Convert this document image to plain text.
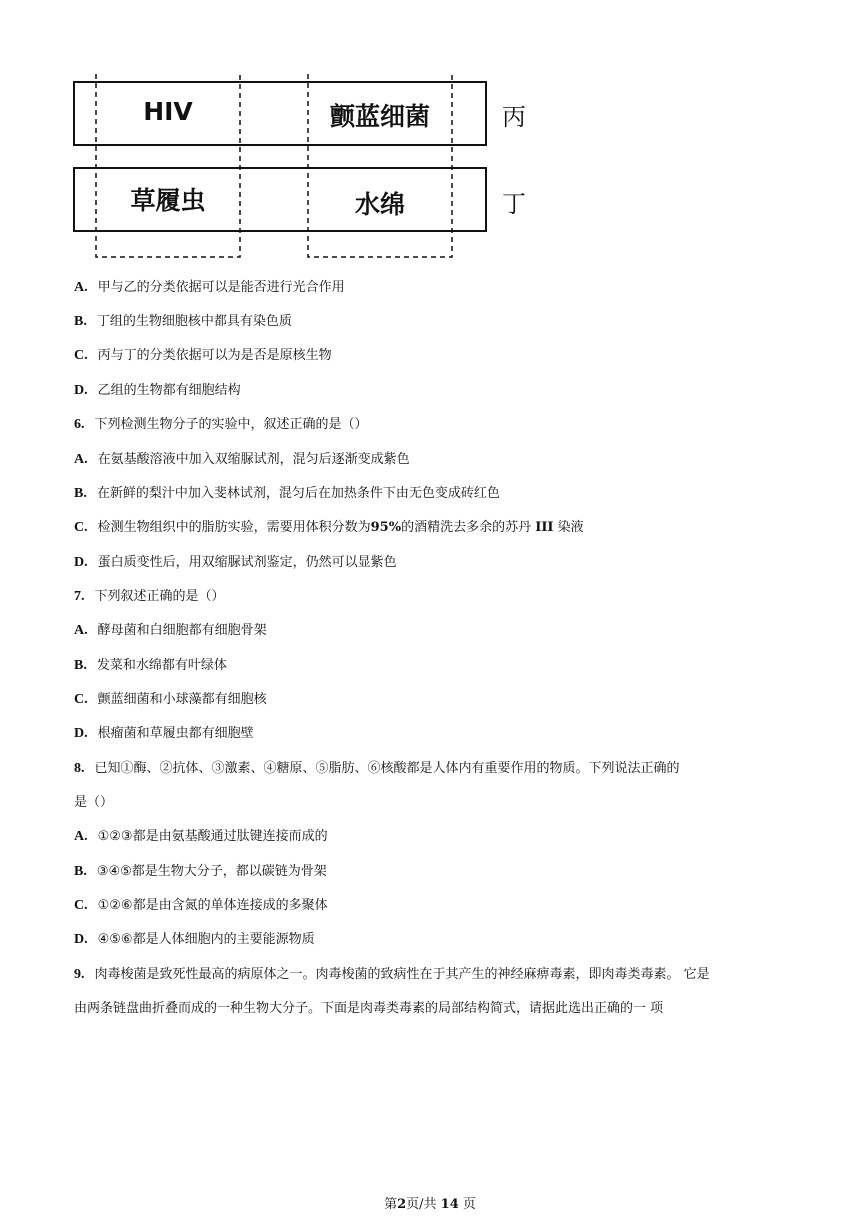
HIV	颤蓝细菌	丙
草履虫	水绵	丁
A. 甲与乙的分类依据可以是能否进行光合作用
B. 丁组的生物细胞核中都具有染色质
C. 丙与丁的分类依据可以为是否是原核生物
D. 乙组的生物都有细胞结构
6. 下列检测生物分子的实验中，叙述正确的是（）
A. 在氨基酸溶液中加入双缩脲试剂，混匀后逐渐变成紫色
B. 在新鲜的梨汁中加入斐林试剂，混匀后在加热条件下由无色变成砖红色
C. 检测生物组织中的脂肪实验，需要用体积分数为95%的酒精洗去多余的苏丹 III 染液
D. 蛋白质变性后，用双缩脲试剂鉴定，仍然可以显紫色
7. 下列叙述正确的是（）
A. 酵母菌和白细胞都有细胞骨架
B. 发菜和水绵都有叶绿体
C. 颤蓝细菌和小球藻都有细胞核
D. 根瘤菌和草履虫都有细胞壁
8. 已知①酶、②抗体、③激素、④糖原、⑤脂肪、⑥核酸都是人体内有重要作用的物质。下列说法正确的
是（）
A. ①②③都是由氨基酸通过肽键连接而成的
B. ③④⑤都是生物大分子，都以碳链为骨架
C. ①②⑥都是由含氮的单体连接成的多聚体
D. ④⑤⑥都是人体细胞内的主要能源物质
9. 肉毒梭菌是致死性最高的病原体之一。肉毒梭菌的致病性在于其产生的神经麻痹毒素，即肉毒类毒素。 它是
由两条链盘曲折叠而成的一种生物大分子。下面是肉毒类毒素的局部结构简式，请据此选出正确的一 项
第2页/共 14 页
